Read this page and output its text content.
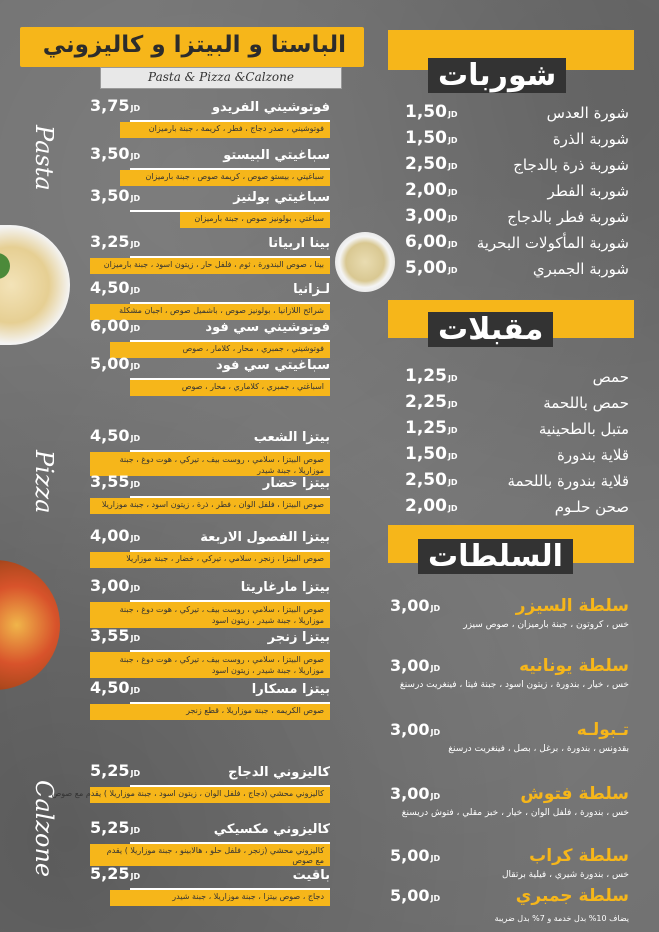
الباستا و البيتزا و كاليزوني
Pasta & Pizza &Calzone
Pasta
Pizza
Calzone
فوتوشيني الفريدو
3,75JD
فوتوشيني ، صدر دجاج ، فطر ، كريمة ، جبنة بارميزان
سباغيتي البيستو
3,50JD
سباغيتي ، بيستو صوص ، كريمة صوص ، جبنة بارميزان
سباغيتي بولنيز
3,50JD
سباغتي ، بولونيز صوص ، جبنة بارميزان
بينا اربياتا
3,25JD
بينا ، صوص البندورة ، ثوم ، فلفل حار ، زيتون اسود ، جبنة بارميزان
لـزانيا
4,50JD
شرائح اللازانيا ، بولونيز صوص ، باشميل صوص ، اجبان مشكلة
فوتوشيني سي فود
6,00JD
فوتوشيني ، جمبري ، محار ، كلامار ، صوص
سباغيتي سي فود
5,00JD
اسباغتي ، جمبري ، كلاماري ، محار ، صوص
بيتزا الشعب
4,50JD
صوص البيتزا ، سلامي ، روست بيف ، تيركي ، هوت دوغ ، جبنة موزاريلا ، جبنة شيدر
بيتزا خضار
3,55JD
صوص البيتزا ، فلفل الوان ، فطر ، ذرة ، زيتون اسود ، جبنة موزاريلا
بيتزا الفصول الاربعة
4,00JD
صوص البيتزا ، زنجر ، سلامي ، تيركي ، خضار ، جبنة موزاريلا
بيتزا مارغاريتا
3,00JD
صوص البيتزا ، سلامي ، روست بيف ، تيركي ، هوت دوغ ، جبنة موزاريلا ، جبنة شيدر ، زيتون اسود
بيتزا زنجر
3,55JD
صوص البيتزا ، سلامي ، روست بيف ، تيركي ، هوت دوغ ، جبنة موزاريلا ، جبنة شيدر ، زيتون اسود
بيتزا مسكارا
4,50JD
صوص الكريمه ، جبنة موزاريلا ، قطع زنجر
كاليزوني الدجاج
5,25JD
كاليزوني محشي (دجاج ، فلفل الوان ، زيتون اسود ، جبنة موزاريلا ) يقدم مع صوص
كاليزوني مكسيكي
5,25JD
كاليزوني محشي (زنجر ، فلفل حلو ، هالابينو ، جبنة موزاريلا ) يقدم مع صوص
باقيت
5,25JD
دجاج ، صوص بيتزا ، جبنة موزاريلا ، جبنة شيدر
شوربات
شورة العدس
1,50JD
شوربة الذرة
1,50JD
شوربة ذرة بالدجاج
2,50JD
شوربة الفطر
2,00JD
شوربة فطر بالدجاج
3,00JD
شوربة المأكولات البحرية
6,00JD
شوربة الجمبري
5,00JD
مقبلات
حمص
1,25JD
حمص باللحمة
2,25JD
متبل بالطحينية
1,25JD
قلاية بندورة
1,50JD
قلاية بندورة باللحمة
2,50JD
صحن حلـوم
2,00JD
السلطات
سلطة السيزر
3,00JD
خس ، كروتون ، جبنة بارميزان ، صوص سيزر
سلطة يونانيه
3,00JD
خس ، خيار ، بندورة ، زيتون اسود ، جبنة فيتا ، فينغريت درسنغ
تـبولـه
3,00JD
بقدونس ، بندورة ، برغل ، بصل ، فينغريت درسنغ
سلطة فتوش
3,00JD
خس ، بندورة ، فلفل الوان ، خيار ، خبز مقلي ، فتوش دريسنغ
سلطة كراب
5,00JD
خس ، بندورة شيري ، فيلية برتقال
سلطة جمبري
5,00JD
يضاف 10% بدل خدمة و 7% بدل ضريبة
